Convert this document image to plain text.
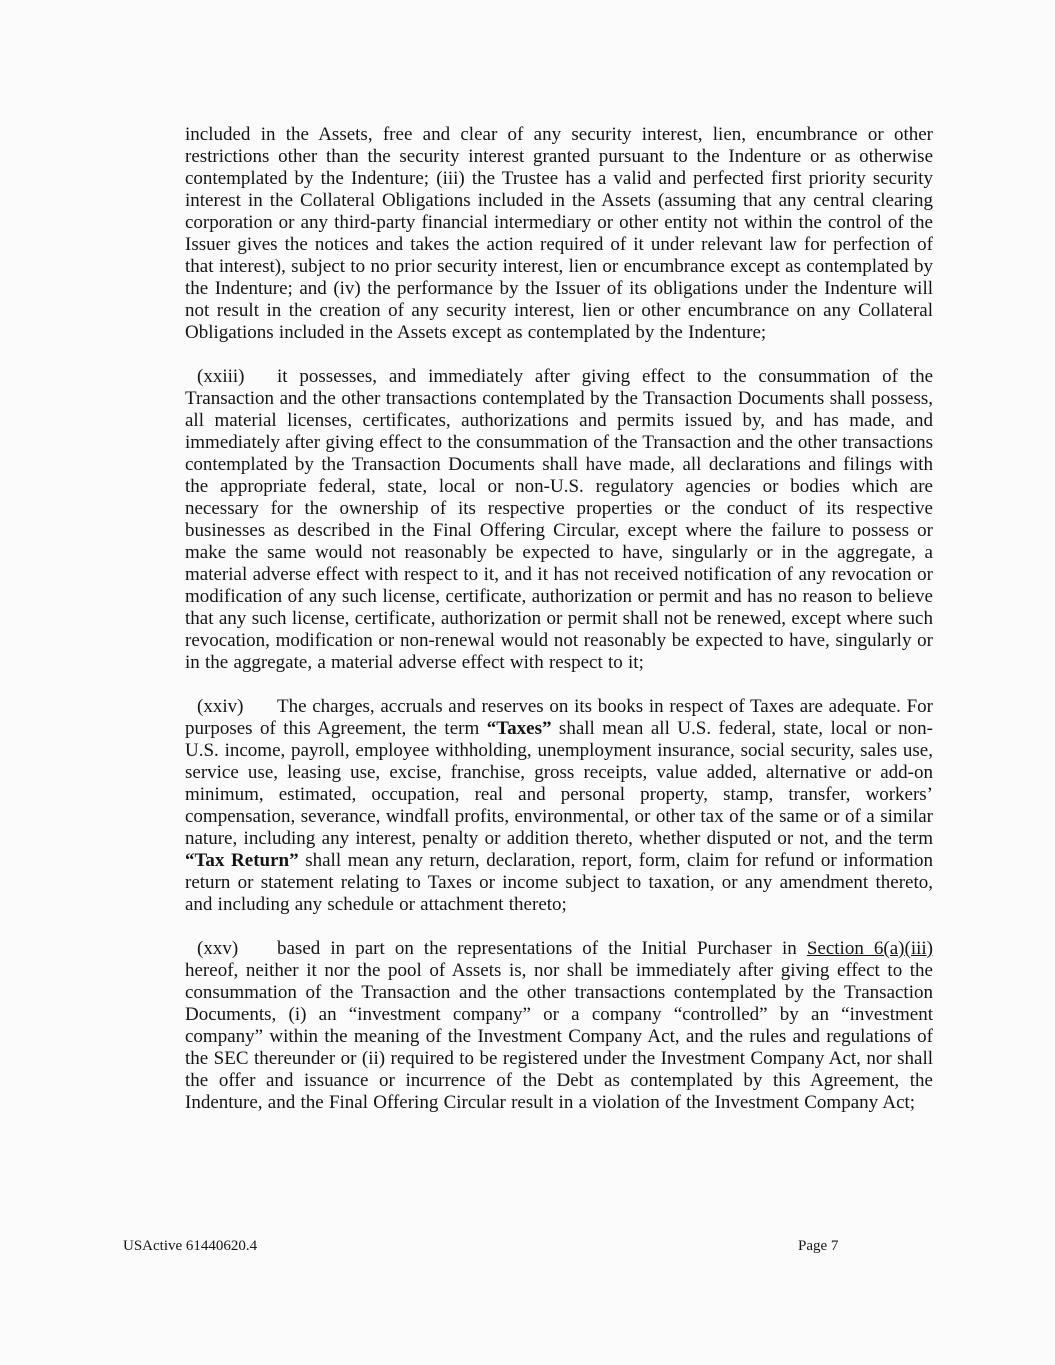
included in the Assets, free and clear of any security interest, lien, encumbrance or other restrictions other than the security interest granted pursuant to the Indenture or as otherwise contemplated by the Indenture; (iii) the Trustee has a valid and perfected first priority security interest in the Collateral Obligations included in the Assets (assuming that any central clearing corporation or any third-party financial intermediary or other entity not within the control of the Issuer gives the notices and takes the action required of it under relevant law for perfection of that interest), subject to no prior security interest, lien or encumbrance except as contemplated by the Indenture; and (iv) the performance by the Issuer of its obligations under the Indenture will not result in the creation of any security interest, lien or other encumbrance on any Collateral Obligations included in the Assets except as contemplated by the Indenture;

(xxiii) it possesses, and immediately after giving effect to the consummation of the Transaction and the other transactions contemplated by the Transaction Documents shall possess, all material licenses, certificates, authorizations and permits issued by, and has made, and immediately after giving effect to the consummation of the Transaction and the other transactions contemplated by the Transaction Documents shall have made, all declarations and filings with the appropriate federal, state, local or non-U.S. regulatory agencies or bodies which are necessary for the ownership of its respective properties or the conduct of its respective businesses as described in the Final Offering Circular, except where the failure to possess or make the same would not reasonably be expected to have, singularly or in the aggregate, a material adverse effect with respect to it, and it has not received notification of any revocation or modification of any such license, certificate, authorization or permit and has no reason to believe that any such license, certificate, authorization or permit shall not be renewed, except where such revocation, modification or non-renewal would not reasonably be expected to have, singularly or in the aggregate, a material adverse effect with respect to it;

(xxiv) The charges, accruals and reserves on its books in respect of Taxes are adequate. For purposes of this Agreement, the term “Taxes” shall mean all U.S. federal, state, local or non-U.S. income, payroll, employee withholding, unemployment insurance, social security, sales use, service use, leasing use, excise, franchise, gross receipts, value added, alternative or add-on minimum, estimated, occupation, real and personal property, stamp, transfer, workers’ compensation, severance, windfall profits, environmental, or other tax of the same or of a similar nature, including any interest, penalty or addition thereto, whether disputed or not, and the term “Tax Return” shall mean any return, declaration, report, form, claim for refund or information return or statement relating to Taxes or income subject to taxation, or any amendment thereto, and including any schedule or attachment thereto;

(xxv) based in part on the representations of the Initial Purchaser in Section 6(a)(iii) hereof, neither it nor the pool of Assets is, nor shall be immediately after giving effect to the consummation of the Transaction and the other transactions contemplated by the Transaction Documents, (i) an “investment company” or a company “controlled” by an “investment company” within the meaning of the Investment Company Act, and the rules and regulations of the SEC thereunder or (ii) required to be registered under the Investment Company Act, nor shall the offer and issuance or incurrence of the Debt as contemplated by this Agreement, the Indenture, and the Final Offering Circular result in a violation of the Investment Company Act;

USActive 61440620.4	Page 7
